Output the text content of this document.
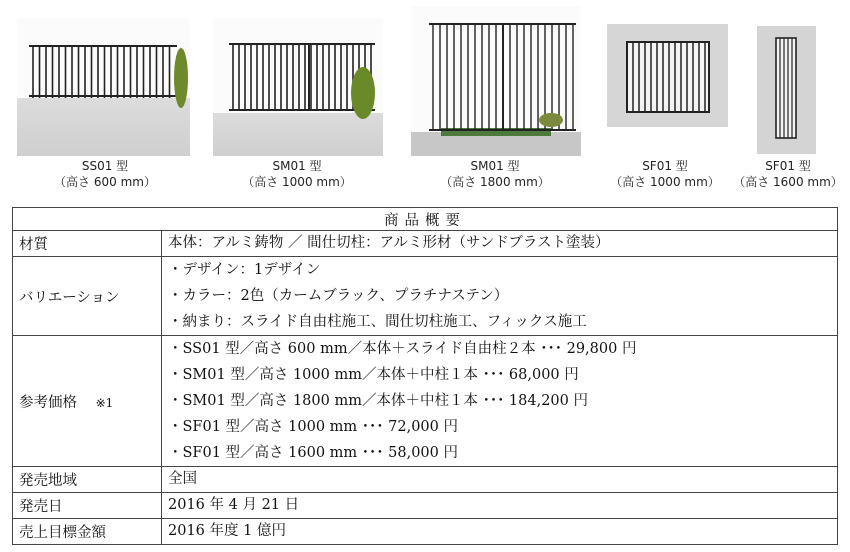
SS01 型
（高さ 600 mm）
SM01 型
（高さ 1000 mm）
SM01 型
（高さ 1800 mm）
SF01 型
（高さ 1000 mm）
SF01 型
（高さ 1600 mm）
商品概要	
材質	本体：アルミ鋳物 ／ 間仕切柱：アルミ形材（サンドブラスト塗装）

バリエーション	・デザイン：1デザイン
・カラー：2色（カームブラック、プラチナステン）
・納まり：スライド自由柱施工、間仕切柱施工、フィックス施工

参考価格 ※1	・SS01 型／高さ 600 mm／本体＋スライド自由柱２本 ･･･ 29,800 円
・SM01 型／高さ 1000 mm／本体＋中柱１本 ･･･ 68,000 円
・SM01 型／高さ 1800 mm／本体＋中柱１本 ･･･ 184,200 円
・SF01 型／高さ 1000 mm ･･･ 72,000 円
・SF01 型／高さ 1600 mm ･･･ 58,000 円

発売地域	全国

発売日	2016 年 4 月 21 日

売上目標金額	2016 年度 1 億円
